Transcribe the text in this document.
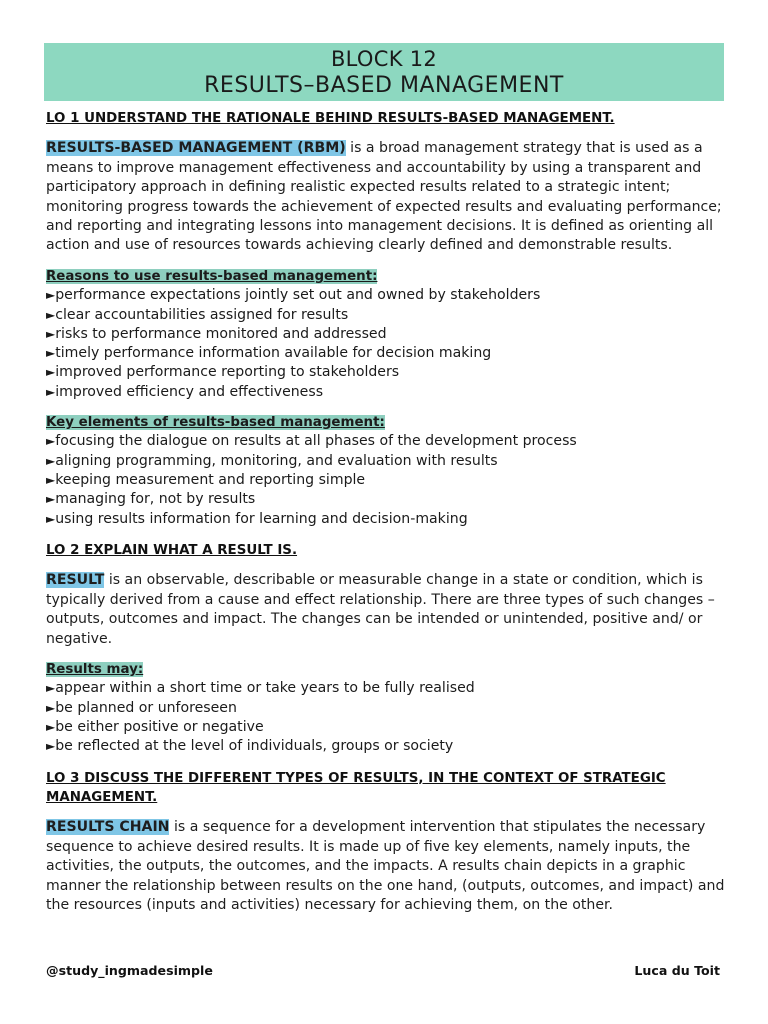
BLOCK 12
RESULTS–BASED MANAGEMENT

LO 1 UNDERSTAND THE RATIONALE BEHIND RESULTS-BASED MANAGEMENT.

RESULTS-BASED MANAGEMENT (RBM) is a broad management strategy that is used as a means to improve management effectiveness and accountability by using a transparent and participatory approach in defining realistic expected results related to a strategic intent; monitoring progress towards the achievement of expected results and evaluating performance; and reporting and integrating lessons into management decisions. It is defined as orienting all action and use of resources towards achieving clearly defined and demonstrable results.

Reasons to use results-based management:

►performance expectations jointly set out and owned by stakeholders
►clear accountabilities assigned for results
►risks to performance monitored and addressed
►timely performance information available for decision making
►improved performance reporting to stakeholders
►improved efficiency and effectiveness

Key elements of results-based management:

►focusing the dialogue on results at all phases of the development process
►aligning programming, monitoring, and evaluation with results
►keeping measurement and reporting simple
►managing for, not by results
►using results information for learning and decision-making

LO 2 EXPLAIN WHAT A RESULT IS.

RESULT is an observable, describable or measurable change in a state or condition, which is typically derived from a cause and effect relationship. There are three types of such changes – outputs, outcomes and impact. The changes can be intended or unintended, positive and/ or negative.

Results may:

►appear within a short time or take years to be fully realised
►be planned or unforeseen
►be either positive or negative
►be reflected at the level of individuals, groups or society

LO 3 DISCUSS THE DIFFERENT TYPES OF RESULTS, IN THE CONTEXT OF STRATEGIC
MANAGEMENT.

RESULTS CHAIN is a sequence for a development intervention that stipulates the necessary sequence to achieve desired results. It is made up of five key elements, namely inputs, the activities, the outputs, the outcomes, and the impacts. A results chain depicts in a graphic manner the relationship between results on the one hand, (outputs, outcomes, and impact) and the resources (inputs and activities) necessary for achieving them, on the other.

@study_ingmadesimple	Luca du Toit
